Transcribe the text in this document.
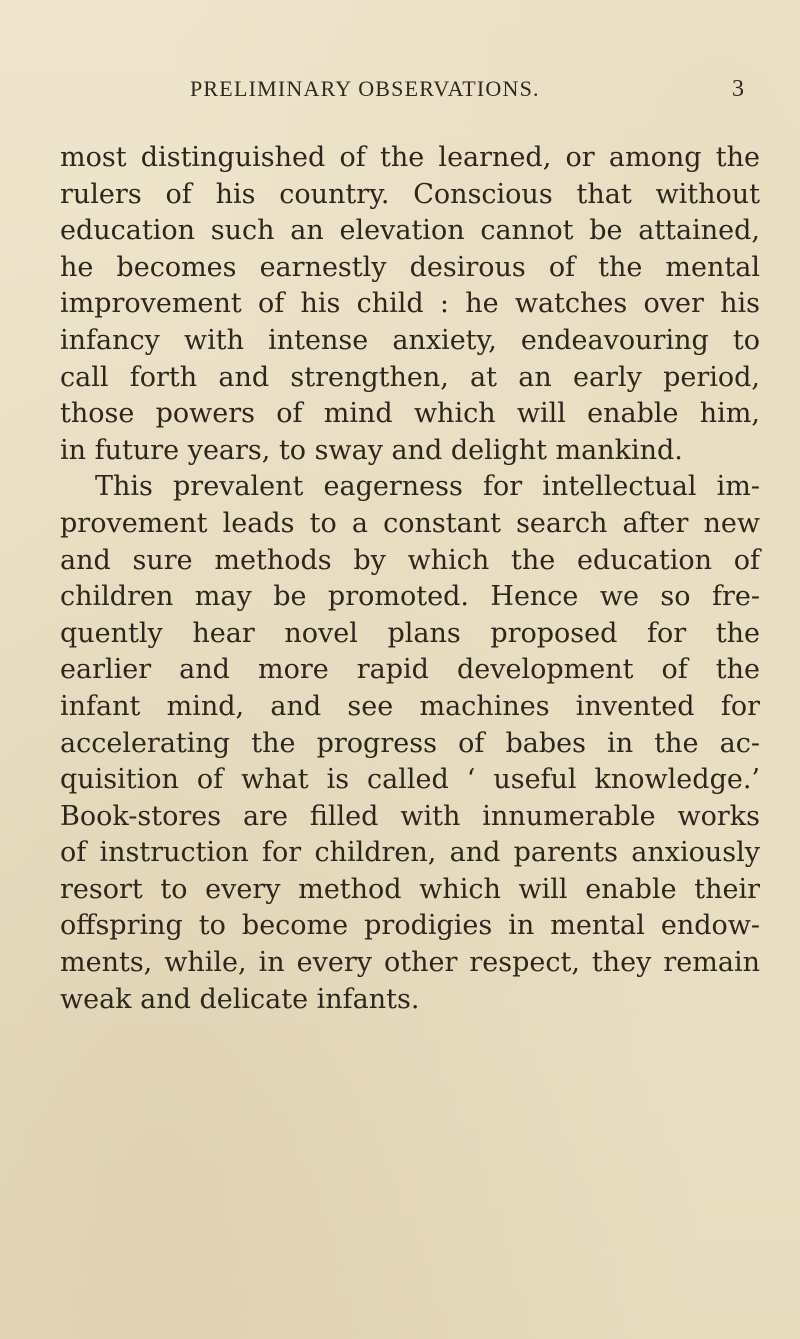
PRELIMINARY OBSERVATIONS.	3
most distinguished of the learned, or among the
rulers of his country. Conscious that without
education such an elevation cannot be attained,
he becomes earnestly desirous of the mental
improvement of his child : he watches over his
infancy with intense anxiety, endeavouring to
call forth and strengthen, at an early period,
those powers of mind which will enable him,
in future years, to sway and delight mankind.
This prevalent eagerness for intellectual im-
provement leads to a constant search after new
and sure methods by which the education of
children may be promoted. Hence we so fre-
quently hear novel plans proposed for the
earlier and more rapid development of the
infant mind, and see machines invented for
accelerating the progress of babes in the ac-
quisition of what is called ‘ useful knowledge.’
Book-stores are filled with innumerable works
of instruction for children, and parents anxiously
resort to every method which will enable their
offspring to become prodigies in mental endow-
ments, while, in every other respect, they remain
weak and delicate infants.
